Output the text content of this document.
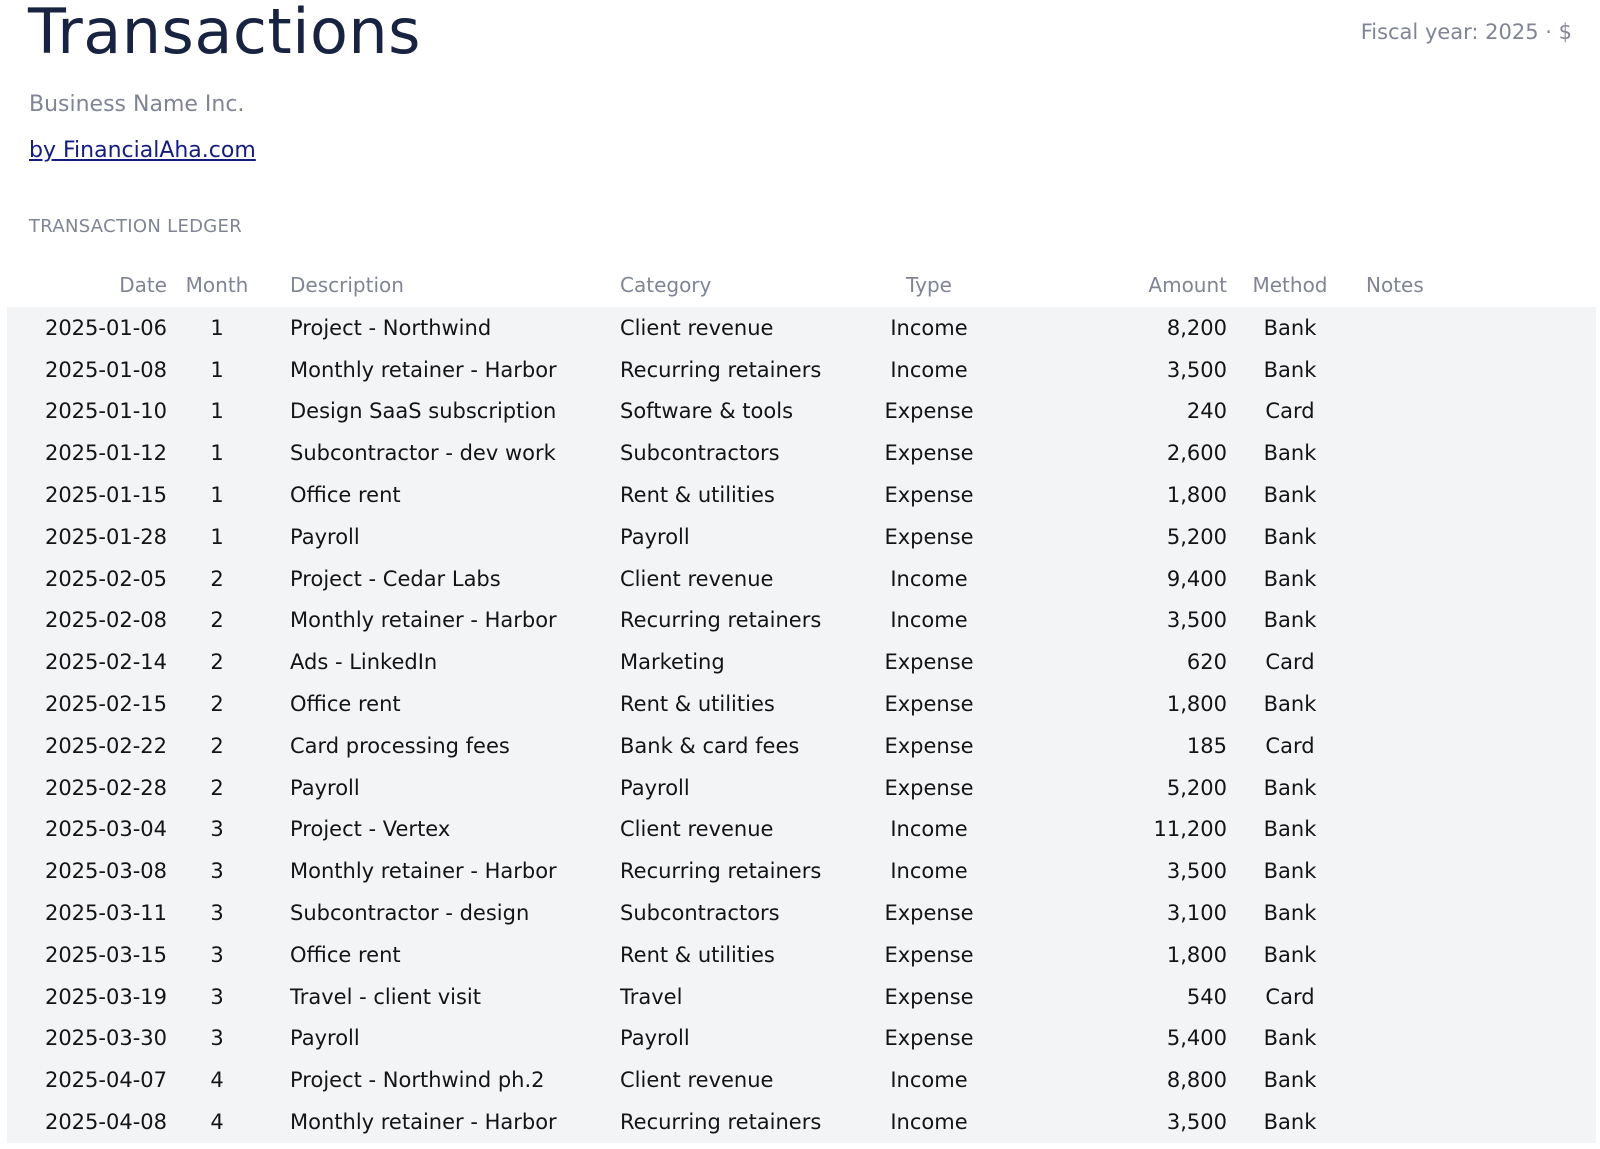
Transactions	Fiscal year: 2025 · $
Business Name Inc.
by FinancialAha.com
TRANSACTION LEDGER
Date	Month	Description	Category	Type	Amount	Method	Notes
2025-01-06	1	Project - Northwind	Client revenue	Income	8,200	Bank	
2025-01-08	1	Monthly retainer - Harbor	Recurring retainers	Income	3,500	Bank	
2025-01-10	1	Design SaaS subscription	Software & tools	Expense	240	Card	
2025-01-12	1	Subcontractor - dev work	Subcontractors	Expense	2,600	Bank	
2025-01-15	1	Office rent	Rent & utilities	Expense	1,800	Bank	
2025-01-28	1	Payroll	Payroll	Expense	5,200	Bank	
2025-02-05	2	Project - Cedar Labs	Client revenue	Income	9,400	Bank	
2025-02-08	2	Monthly retainer - Harbor	Recurring retainers	Income	3,500	Bank	
2025-02-14	2	Ads - LinkedIn	Marketing	Expense	620	Card	
2025-02-15	2	Office rent	Rent & utilities	Expense	1,800	Bank	
2025-02-22	2	Card processing fees	Bank & card fees	Expense	185	Card	
2025-02-28	2	Payroll	Payroll	Expense	5,200	Bank	
2025-03-04	3	Project - Vertex	Client revenue	Income	11,200	Bank	
2025-03-08	3	Monthly retainer - Harbor	Recurring retainers	Income	3,500	Bank	
2025-03-11	3	Subcontractor - design	Subcontractors	Expense	3,100	Bank	
2025-03-15	3	Office rent	Rent & utilities	Expense	1,800	Bank	
2025-03-19	3	Travel - client visit	Travel	Expense	540	Card	
2025-03-30	3	Payroll	Payroll	Expense	5,400	Bank	
2025-04-07	4	Project - Northwind ph.2	Client revenue	Income	8,800	Bank	
2025-04-08	4	Monthly retainer - Harbor	Recurring retainers	Income	3,500	Bank	
